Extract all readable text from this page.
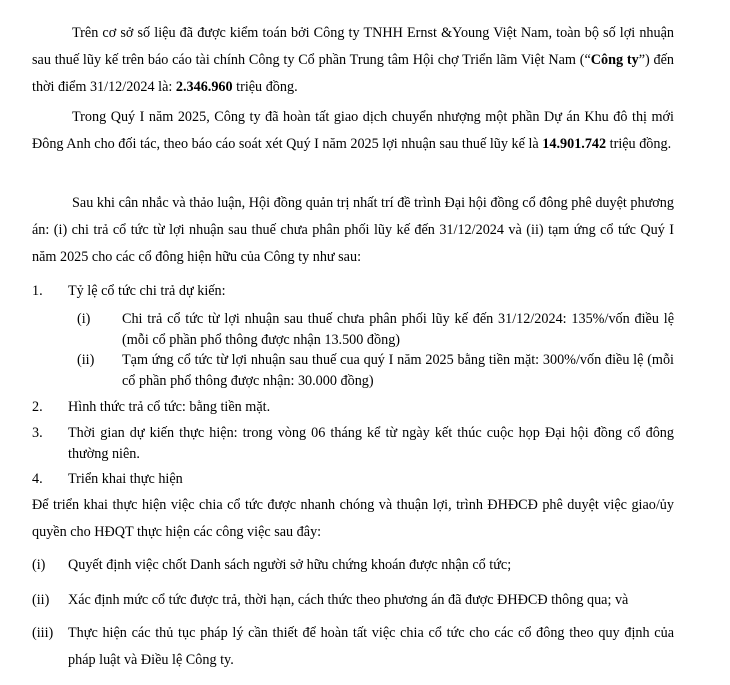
Trên cơ sở số liệu đã được kiểm toán bởi Công ty TNHH Ernst &Young Việt Nam, toàn bộ số lợi nhuận sau thuế lũy kế trên báo cáo tài chính Công ty Cổ phần Trung tâm Hội chợ Triển lãm Việt Nam (“Công ty”) đến thời điểm 31/12/2024 là: 2.346.960 triệu đồng.

Trong Quý I năm 2025, Công ty đã hoàn tất giao dịch chuyển nhượng một phần Dự án Khu đô thị mới Đông Anh cho đối tác, theo báo cáo soát xét Quý I năm 2025 lợi nhuận sau thuế lũy kế là 14.901.742 triệu đồng.

Sau khi cân nhắc và thảo luận, Hội đồng quản trị nhất trí đề trình Đại hội đồng cổ đông phê duyệt phương án: (i) chi trả cổ tức từ lợi nhuận sau thuế chưa phân phối lũy kế đến 31/12/2024 và (ii) tạm ứng cổ tức Quý I năm 2025 cho các cổ đông hiện hữu của Công ty như sau:

1. Tỷ lệ cổ tức chi trả dự kiến:
(i) Chi trả cổ tức từ lợi nhuận sau thuế chưa phân phối lũy kế đến 31/12/2024: 135%/vốn điều lệ (mỗi cổ phần phổ thông được nhận 13.500 đồng)
(ii) Tạm ứng cổ tức từ lợi nhuận sau thuế cua quý I năm 2025 bằng tiền mặt: 300%/vốn điều lệ (mỗi cổ phần phổ thông được nhận: 30.000 đồng)
2. Hình thức trả cổ tức: bằng tiền mặt.
3. Thời gian dự kiến thực hiện: trong vòng 06 tháng kể từ ngày kết thúc cuộc họp Đại hội đồng cổ đông thường niên.
4. Triển khai thực hiện

Để triển khai thực hiện việc chia cổ tức được nhanh chóng và thuận lợi, trình ĐHĐCĐ phê duyệt việc giao/ủy quyền cho HĐQT thực hiện các công việc sau đây:

(i) Quyết định việc chốt Danh sách người sở hữu chứng khoán được nhận cổ tức;
(ii) Xác định mức cổ tức được trả, thời hạn, cách thức theo phương án đã được ĐHĐCĐ thông qua; và
(iii) Thực hiện các thủ tục pháp lý cần thiết để hoàn tất việc chia cổ tức cho các cổ đông theo quy định của pháp luật và Điều lệ Công ty.
